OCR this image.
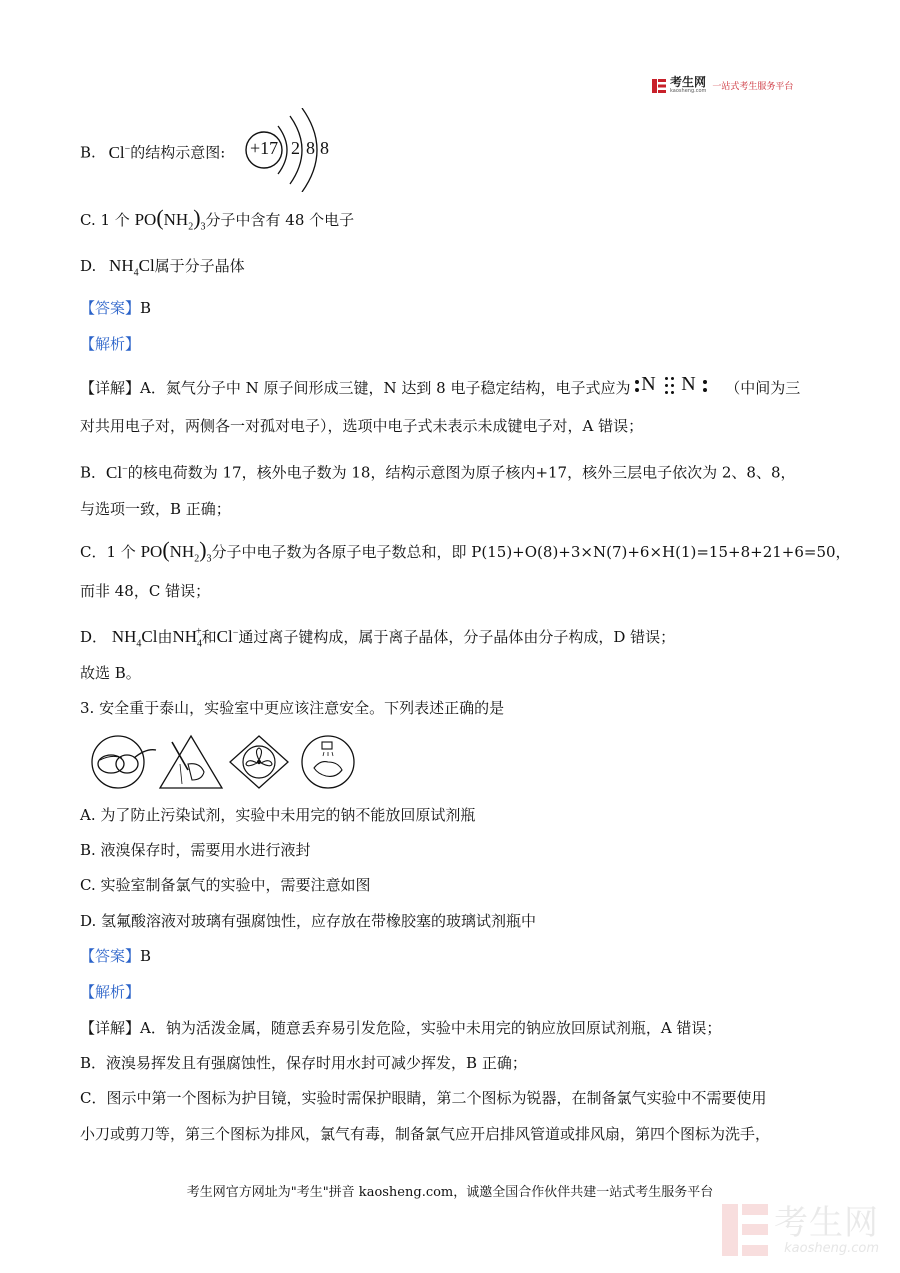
考生网
kaosheng.com 一站式考生服务平台
B. Cl−的结构示意图: +17 2 8 8
C. 1 个 $PO(NH_2)_3$分子中含有 48 个电子
D. $NH_4Cl$属于分子晶体
【答案】B
【解析】
【详解】A．氮气分子中 N 原子间形成三键，N 达到 8 电子稳定结构，电子式应为 N N （中间为三
对共用电子对，两侧各一对孤对电子），选项中电子式未表示未成键电子对，A 错误；
B．Cl−的核电荷数为 17，核外电子数为 18，结构示意图为原子核内+17，核外三层电子依次为 2、8、8，
与选项一致，B 正确；
C．1 个 $PO(NH_2)_3$分子中电子数为各原子电子数总和，即 P(15)+O(8)+3×N(7)+6×H(1)=15+8+21+6=50，
而非 48，C 错误；
D． $NH_4Cl$由$NH_4^+$和Cl−通过离子键构成，属于离子晶体，分子晶体由分子构成，D 错误；
故选 B。
3. 安全重于泰山，实验室中更应该注意安全。下列表述正确的是
A. 为了防止污染试剂，实验中未用完的钠不能放回原试剂瓶
B. 液溴保存时，需要用水进行液封
C. 实验室制备氯气的实验中，需要注意如图
D. 氢氟酸溶液对玻璃有强腐蚀性，应存放在带橡胶塞的玻璃试剂瓶中
【答案】B
【解析】
【详解】A．钠为活泼金属，随意丢弃易引发危险，实验中未用完的钠应放回原试剂瓶，A 错误；
B．液溴易挥发且有强腐蚀性，保存时用水封可减少挥发，B 正确；
C．图示中第一个图标为护目镜，实验时需保护眼睛，第二个图标为锐器，在制备氯气实验中不需要使用
小刀或剪刀等，第三个图标为排风，氯气有毒，制备氯气应开启排风管道或排风扇，第四个图标为洗手，
考生网官方网址为"考生"拼音 kaosheng.com，诚邀全国合作伙伴共建一站式考生服务平台
考生网
kaosheng.com
